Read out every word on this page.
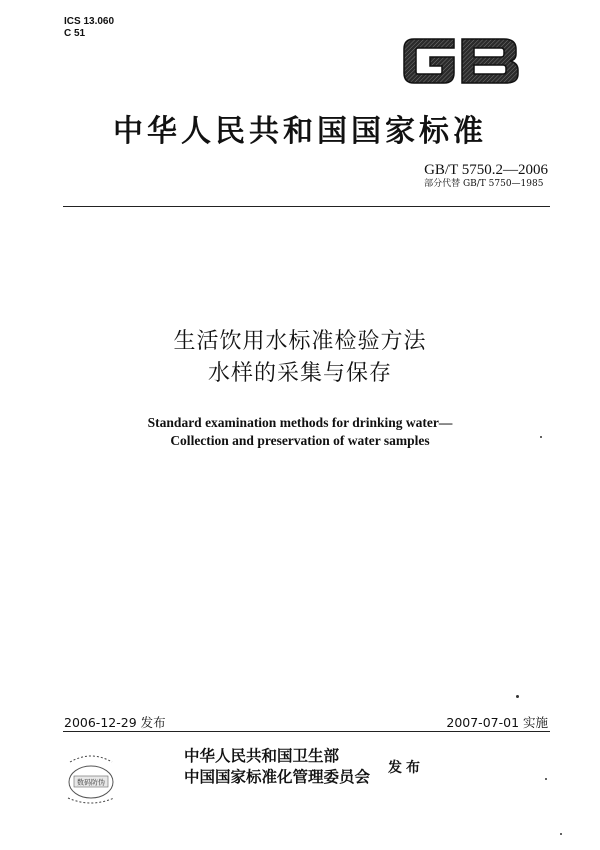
ICS 13.060
C 51	GB
中华人民共和国国家标准
GB/T 5750.2—2006
部分代替 GB/T 5750—1985
生活饮用水标准检验方法
水样的采集与保存
Standard examination methods for drinking water—
Collection and preservation of water samples
2006-12-29 发布	2007-07-01 实施
数码防伪
中华人民共和国卫生部
中国国家标准化管理委员会 发布
